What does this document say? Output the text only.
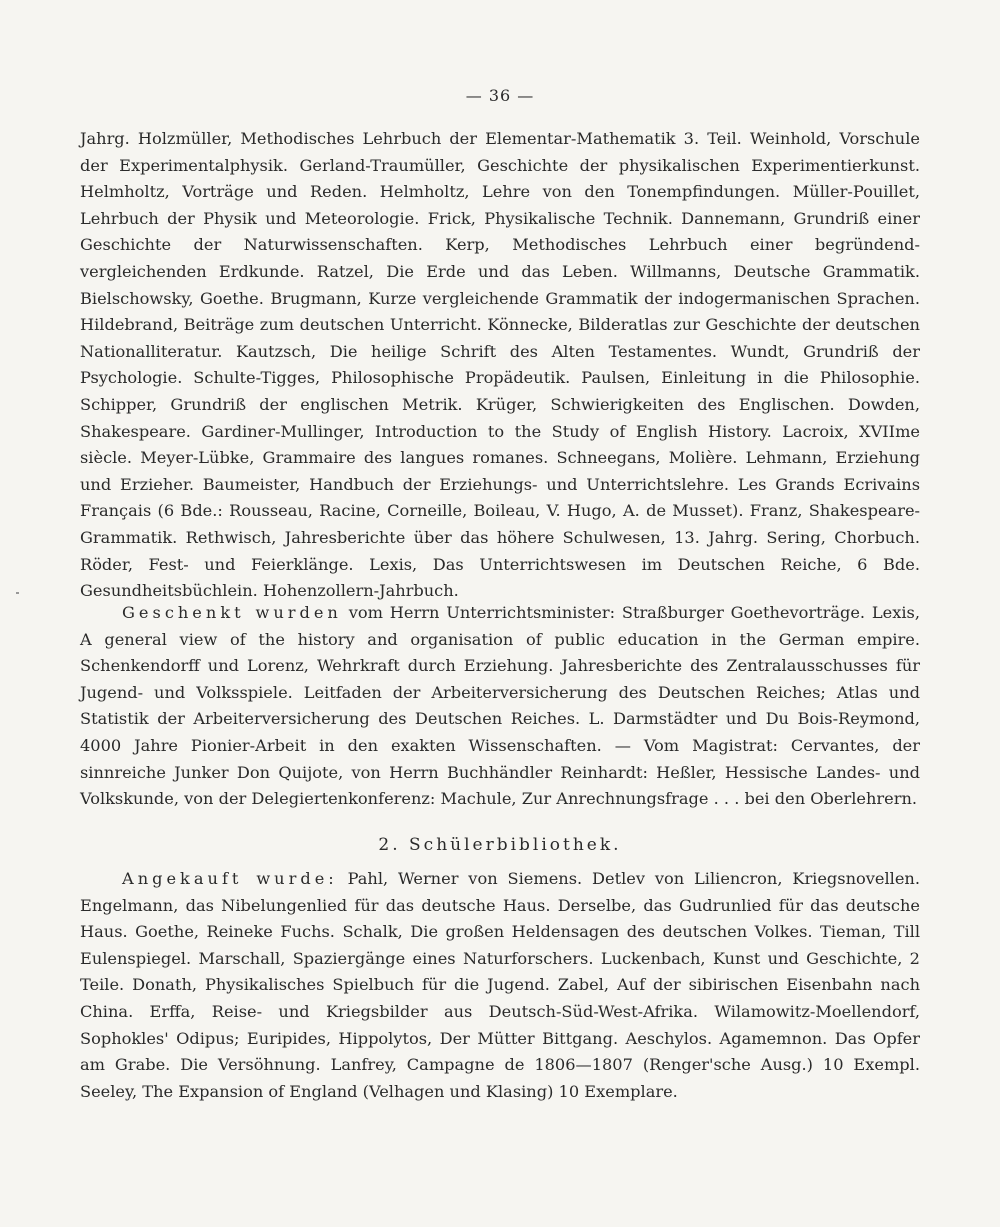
— 36 —

Jahrg. Holzmüller, Methodisches Lehrbuch der Elementar-Mathematik 3. Teil. Weinhold, Vorschule der Experimentalphysik. Gerland-Traumüller, Geschichte der physikalischen Experimentierkunst. Helmholtz, Vorträge und Reden. Helmholtz, Lehre von den Tonempfindungen. Müller-Pouillet, Lehrbuch der Physik und Meteorologie. Frick, Physikalische Technik. Dannemann, Grundriß einer Geschichte der Naturwissenschaften. Kerp, Methodisches Lehrbuch einer begründend-vergleichenden Erdkunde. Ratzel, Die Erde und das Leben. Willmanns, Deutsche Grammatik. Bielschowsky, Goethe. Brugmann, Kurze vergleichende Grammatik der indogermanischen Sprachen. Hildebrand, Beiträge zum deutschen Unterricht. Könnecke, Bilderatlas zur Geschichte der deutschen Nationalliteratur. Kautzsch, Die heilige Schrift des Alten Testamentes. Wundt, Grundriß der Psychologie. Schulte-Tigges, Philosophische Propädeutik. Paulsen, Einleitung in die Philosophie. Schipper, Grundriß der englischen Metrik. Krüger, Schwierigkeiten des Englischen. Dowden, Shakespeare. Gardiner-Mullinger, Introduction to the Study of English History. Lacroix, XVIIme siècle. Meyer-Lübke, Grammaire des langues romanes. Schneegans, Molière. Lehmann, Erziehung und Erzieher. Baumeister, Handbuch der Erziehungs- und Unterrichtslehre. Les Grands Ecrivains Français (6 Bde.: Rousseau, Racine, Corneille, Boileau, V. Hugo, A. de Musset). Franz, Shakespeare-Grammatik. Rethwisch, Jahresberichte über das höhere Schulwesen, 13. Jahrg. Sering, Chorbuch. Röder, Fest- und Feierklänge. Lexis, Das Unterrichtswesen im Deutschen Reiche, 6 Bde. Gesundheitsbüchlein. Hohenzollern-Jahrbuch.

Geschenkt wurden vom Herrn Unterrichtsminister: Straßburger Goethevorträge. Lexis, A general view of the history and organisation of public education in the German empire. Schenkendorff und Lorenz, Wehrkraft durch Erziehung. Jahresberichte des Zentralausschusses für Jugend- und Volksspiele. Leitfaden der Arbeiterversicherung des Deutschen Reiches; Atlas und Statistik der Arbeiterversicherung des Deutschen Reiches. L. Darmstädter und Du Bois-Reymond, 4000 Jahre Pionier-Arbeit in den exakten Wissenschaften. — Vom Magistrat: Cervantes, der sinnreiche Junker Don Quijote, von Herrn Buchhändler Reinhardt: Heßler, Hessische Landes- und Volkskunde, von der Delegiertenkonferenz: Machule, Zur Anrechnungsfrage . . . bei den Oberlehrern.

2. Schülerbibliothek.

Angekauft wurde: Pahl, Werner von Siemens. Detlev von Liliencron, Kriegsnovellen. Engelmann, das Nibelungenlied für das deutsche Haus. Derselbe, das Gudrunlied für das deutsche Haus. Goethe, Reineke Fuchs. Schalk, Die großen Heldensagen des deutschen Volkes. Tieman, Till Eulenspiegel. Marschall, Spaziergänge eines Naturforschers. Luckenbach, Kunst und Geschichte, 2 Teile. Donath, Physikalisches Spielbuch für die Jugend. Zabel, Auf der sibirischen Eisenbahn nach China. Erffa, Reise- und Kriegsbilder aus Deutsch-Süd-West-Afrika. Wilamowitz-Moellendorf, Sophokles' Odipus; Euripides, Hippolytos, Der Mütter Bittgang. Aeschylos. Agamemnon. Das Opfer am Grabe. Die Versöhnung. Lanfrey, Campagne de 1806—1807 (Renger'sche Ausg.) 10 Exempl. Seeley, The Expansion of England (Velhagen und Klasing) 10 Exemplare.
